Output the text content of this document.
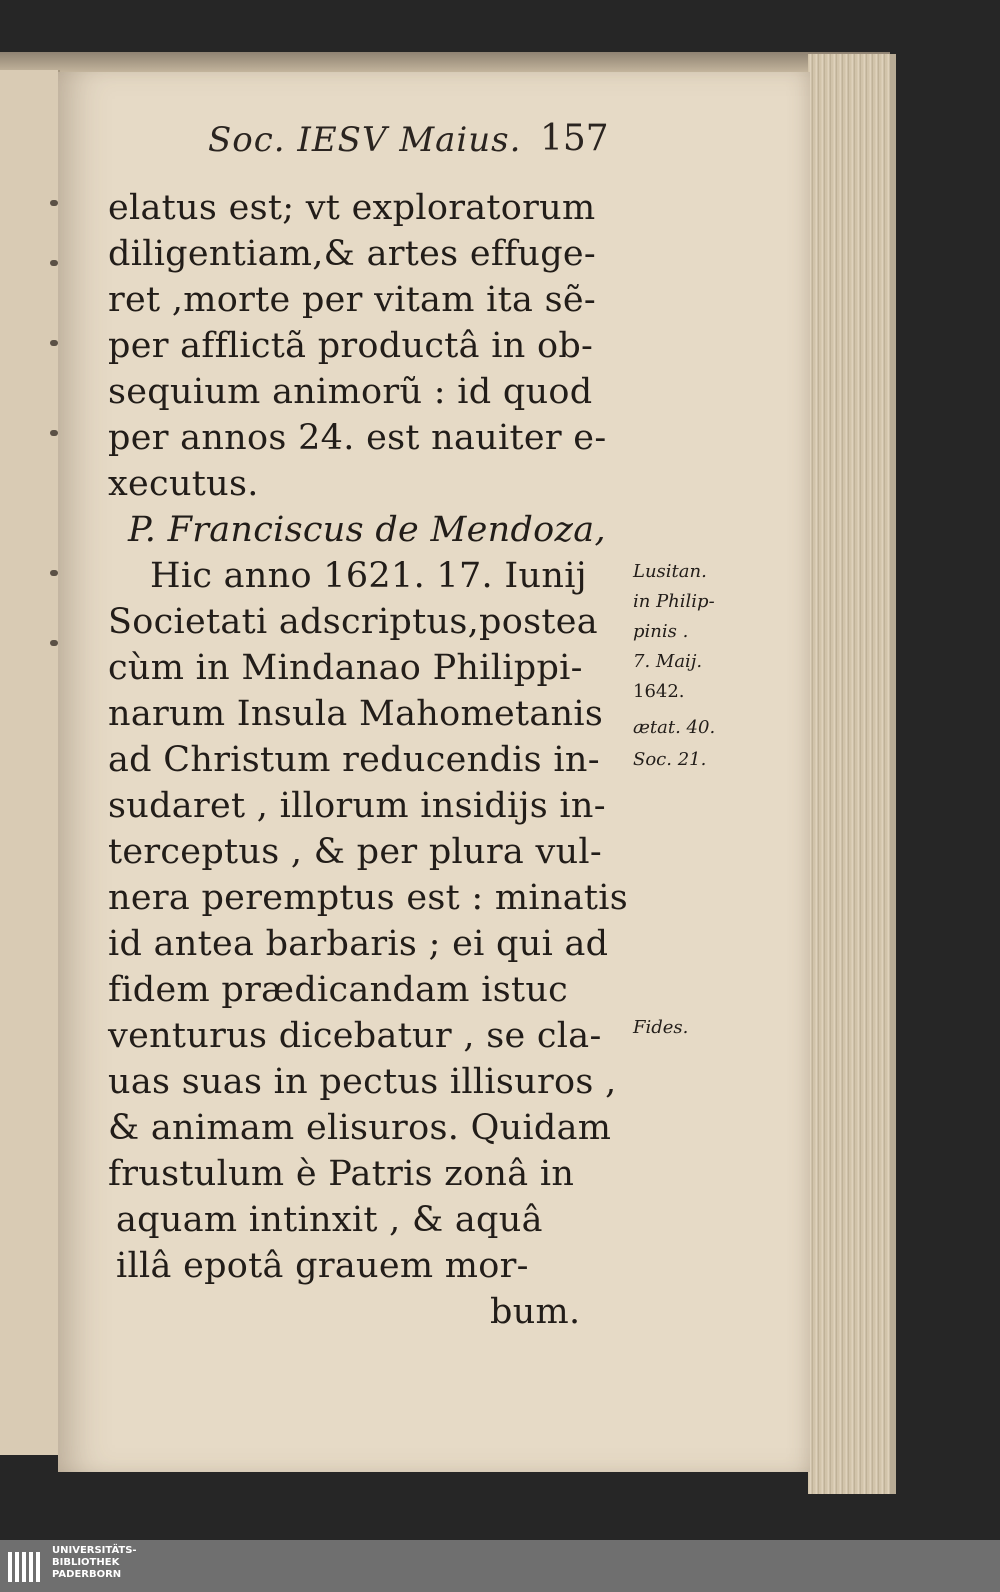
Soc. IESV Maius. 157
elatus est; vt exploratorum
diligentiam,& artes effuge-
ret ,morte per vitam ita sẽ-
per afflictã productâ in ob-
sequium animorũ : id quod
per annos 24. est nauiter e-
xecutus.
P. Franciscus de Mendoza,
Hic anno 1621. 17. Iunij
Societati adscriptus,postea
cùm in Mindanao Philippi-
narum Insula Mahometanis
ad Christum reducendis in-
sudaret , illorum insidijs in-
terceptus , & per plura vul-
nera peremptus est : minatis
id antea barbaris ; ei qui ad
fidem prædicandam istuc
venturus dicebatur , se cla-
uas suas in pectus illisuros ,
& animam elisuros. Quidam
frustulum è Patris zonâ in
aquam intinxit , & aquâ
illâ epotâ grauem mor-
bum.
Lusitan.
in Philip-
pinis .
7. Maij.
1642.
ætat. 40.
Soc. 21.
Fides.
UNIVERSITÄTS-
BIBLIOTHEK
PADERBORN
